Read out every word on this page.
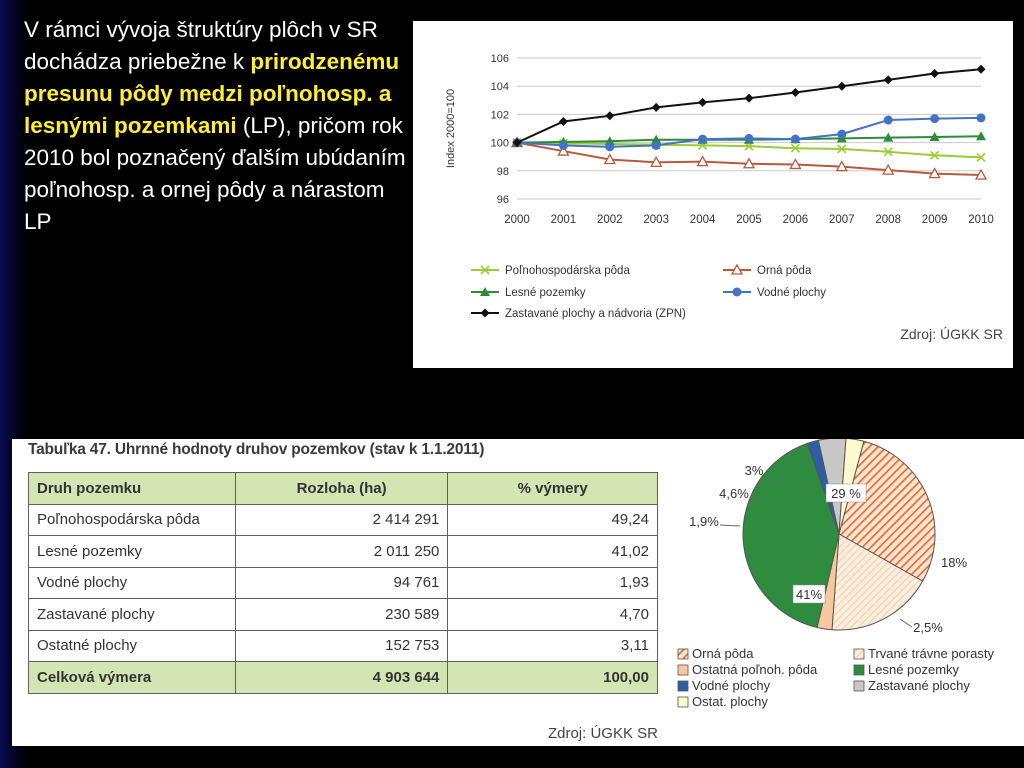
V rámci vývoja štruktúry plôch v SR dochádza priebežne k prirodzenému presunu pôdy medzi poľnohosp. a lesnými pozemkami (LP), pričom rok 2010 bol poznačený ďalším ubúdaním poľnohosp. a ornej pôdy a nárastom LP
96
98
100
102
104
106
2000 2001 2002 2003 2004 2005 2006 2007 2008 2009 2010
Index 2000=100
Poľnohospodárska pôda	Orná pôda
Lesné pozemky	Vodné plochy
Zastavané plochy a nádvoria (ZPN)
Zdroj: ÚGKK SR
Tabuľka 47. Uhrnné hodnoty druhov pozemkov (stav k 1.1.2011)
Druh pozemku	Rozloha (ha)	% výmery
Poľnohospodárska pôda	2 414 291	49,24
Lesné pozemky	2 011 250	41,02
Vodné plochy	94 761	1,93
Zastavané plochy	230 589	4,70
Ostatné plochy	152 753	3,11
Celková výmera	4 903 644	100,00
Zdroj: ÚGKK SR
29 %
18%
2,5%
41%
1,9%
4,6%
3%
Orná pôda	Trvané trávne porasty
Ostatná poľnoh. pôda	Lesné pozemky
Vodné plochy	Zastavané plochy
Ostat. plochy
